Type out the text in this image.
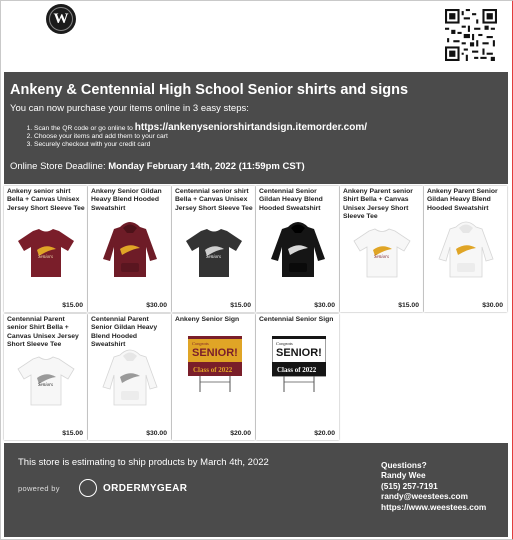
W
Ankeny & Centennial High School Senior shirts and signs
You can now purchase your items online in 3 easy steps:
1. Scan the QR code or go online to https://ankenyseniorshirtandsign.itemorder.com/
2. Choose your items and add them to your cart
3. Securely checkout with your credit card
Online Store Deadline: Monday February 14th, 2022 (11:59pm CST)
Ankeny senior shirt Bella + Canvas Unisex Jersey Short Sleeve Tee
Seniors
$15.00
Ankeny Senior Gildan Heavy Blend Hooded Sweatshirt
$30.00
Centennial senior shirt Bella + Canvas Unisex Jersey Short Sleeve Tee
Seniors
$15.00
Centennial Senior Gildan Heavy Blend Hooded Sweatshirt
$30.00
Ankeny Parent senior Shirt Bella + Canvas Unisex Jersey Short Sleeve Tee
Seniors
$15.00
Ankeny Parent Senior Gildan Heavy Blend Hooded Sweatshirt
$30.00
Centennial Parent senior Shirt Bella + Canvas Unisex Jersey Short Sleeve Tee
Seniors
$15.00
Centennial Parent Senior Gildan Heavy Blend Hooded Sweatshirt
$30.00
Ankeny Senior Sign
Congrats
SENIOR!
Class of 2022
$20.00
Centennial Senior Sign
Congrats
SENIOR!
Class of 2022
$20.00
This store is estimating to ship products by March 4th, 2022
powered by	ORDERMYGEAR
Questions?
Randy Wee
(515) 257-7191
randy@weestees.com
https://www.weestees.com
